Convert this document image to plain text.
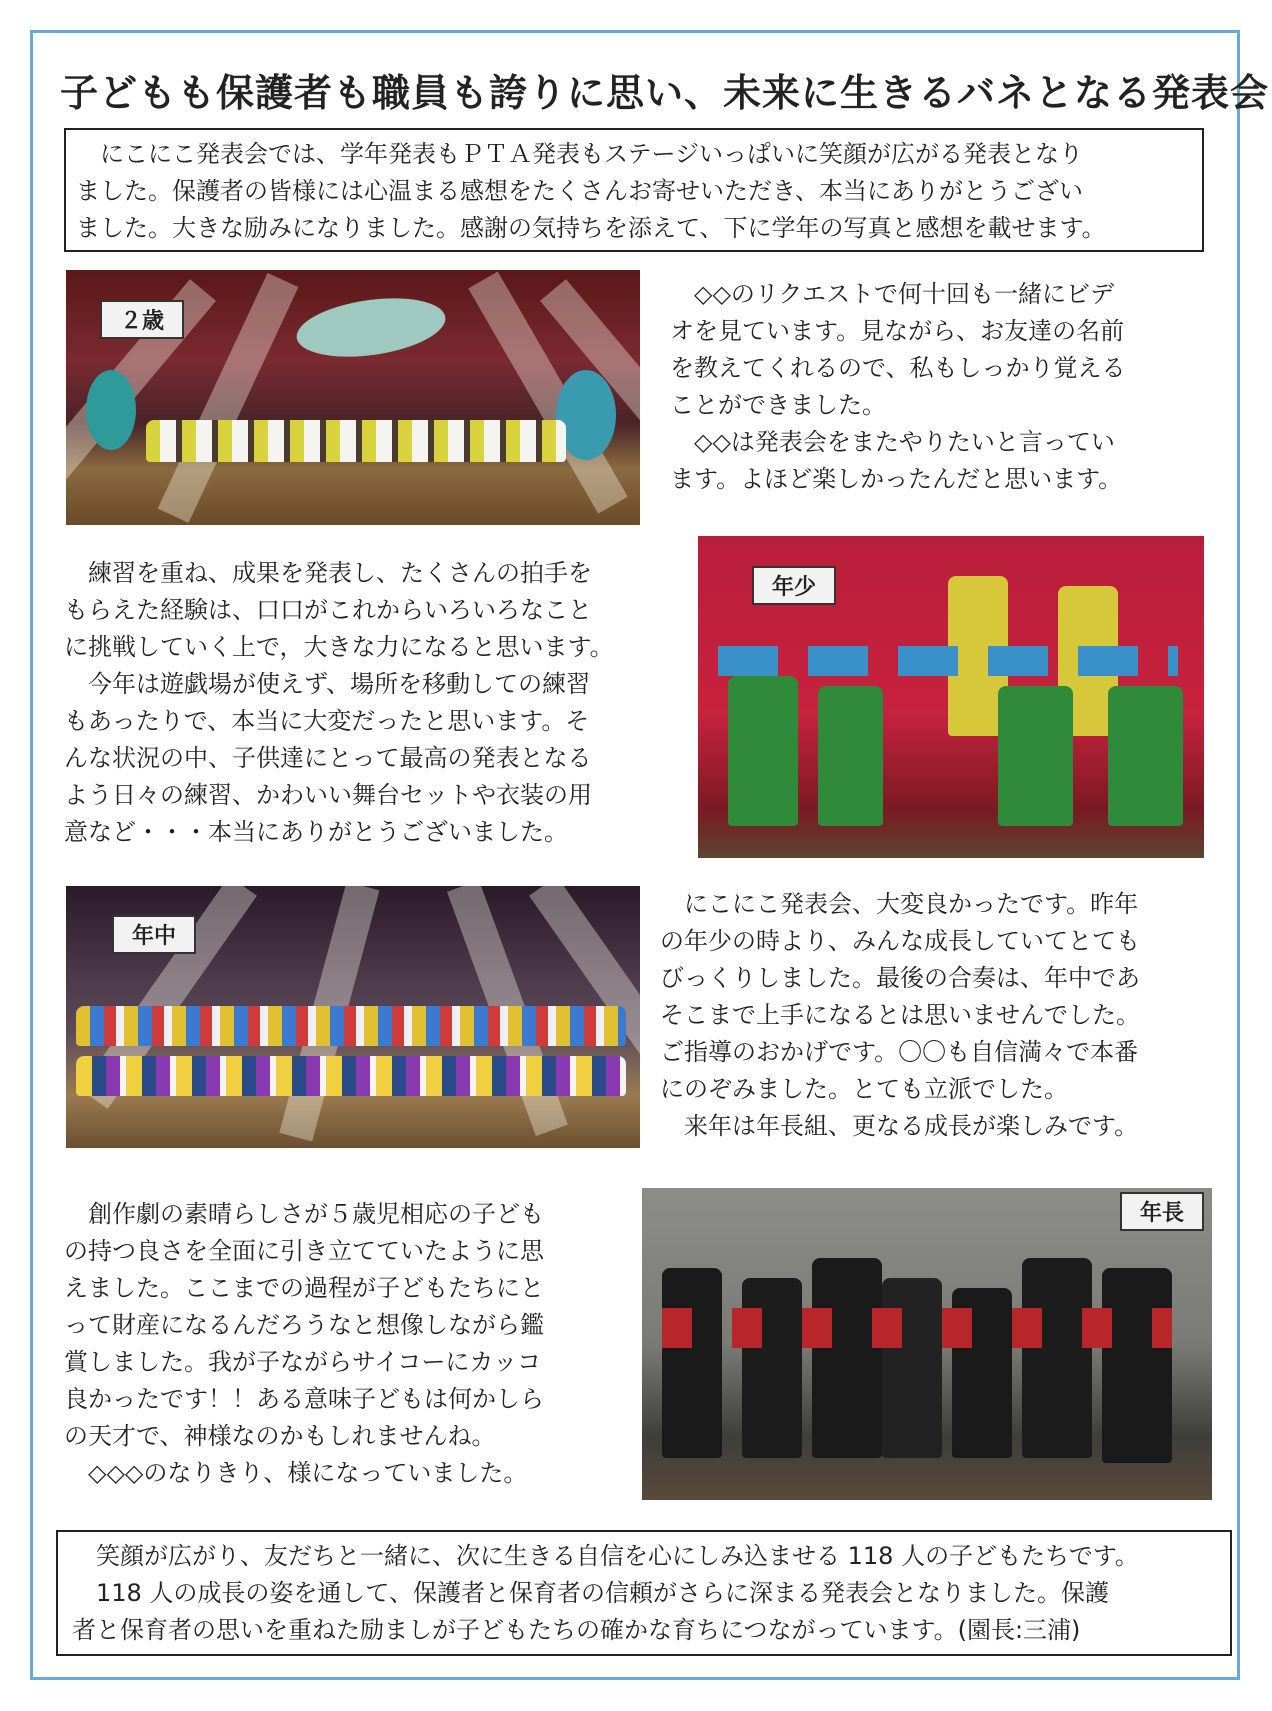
子どもも保護者も職員も誇りに思い、未来に生きるバネとなる発表会

　にこにこ発表会では、学年発表もＰＴＡ発表もステージいっぱいに笑顔が広がる発表となり

ました。保護者の皆様には心温まる感想をたくさんお寄せいただき、本当にありがとうござい

ました。大きな励みになりました。感謝の気持ちを添えて、下に学年の写真と感想を載せます。

２歳

　◇◇のリクエストで何十回も一緒にビデ

オを見ています。見ながら、お友達の名前

を教えてくれるので、私もしっかり覚える

ことができました。

　◇◇は発表会をまたやりたいと言ってい

ます。よほど楽しかったんだと思います。

　練習を重ね、成果を発表し、たくさんの拍手を

もらえた経験は、口口がこれからいろいろなこと

に挑戦していく上で，大きな力になると思います。

　今年は遊戯場が使えず、場所を移動しての練習

もあったりで、本当に大変だったと思います。そ

んな状況の中、子供達にとって最高の発表となる

よう日々の練習、かわいい舞台セットや衣装の用

意など・・・本当にありがとうございました。

年少
年中

　にこにこ発表会、大変良かったです。昨年

の年少の時より、みんな成長していてとても

びっくりしました。最後の合奏は、年中であ

そこまで上手になるとは思いませんでした。

ご指導のおかげです。〇〇も自信満々で本番

にのぞみました。とても立派でした。

　来年は年長組、更なる成長が楽しみです。

　創作劇の素晴らしさが５歳児相応の子ども

の持つ良さを全面に引き立てていたように思

えました。ここまでの過程が子どもたちにと

って財産になるんだろうなと想像しながら鑑

賞しました。我が子ながらサイコーにカッコ

良かったです！！ある意味子どもは何かしら

の天才で、神様なのかもしれませんね。

　◇◇◇のなりきり、様になっていました。

年長

　笑顔が広がり、友だちと一緒に、次に生きる自信を心にしみ込ませる 118 人の子どもたちです。

　118 人の成長の姿を通して、保護者と保育者の信頼がさらに深まる発表会となりました。保護

者と保育者の思いを重ねた励ましが子どもたちの確かな育ちにつながっています。(園長:三浦)
